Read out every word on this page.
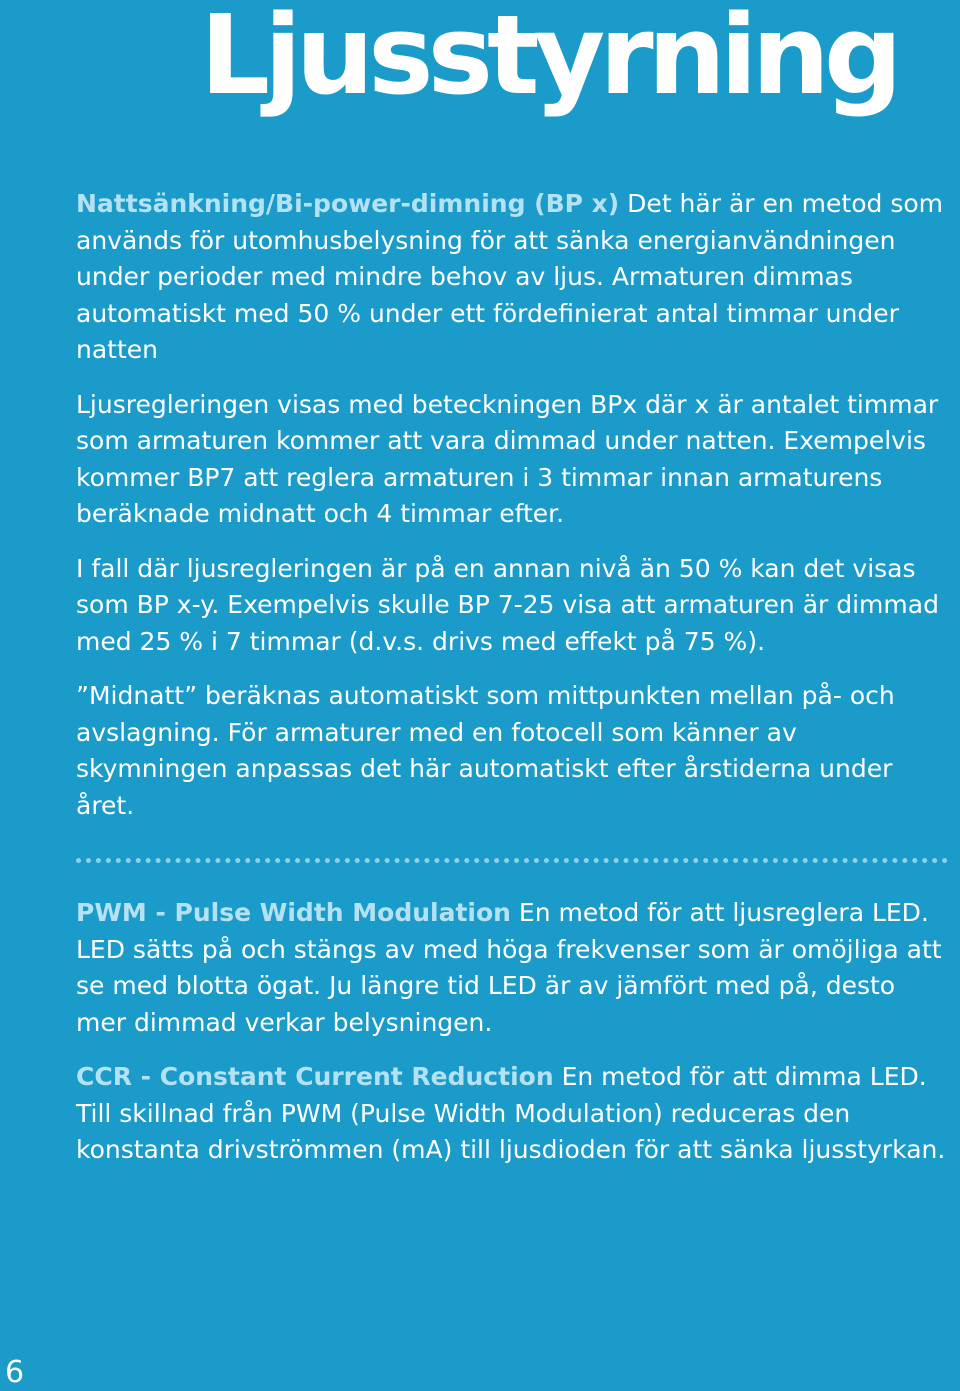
Ljusstyrning

Nattsänkning/Bi-power-dimning (BP x) Det här är en metod som används för utomhusbelysning för att sänka energianvändningen under perioder med mindre behov av ljus. Armaturen dimmas automatiskt med 50 % under ett fördefinierat antal timmar under natten

Ljusregleringen visas med beteckningen BPx där x är antalet timmar som armaturen kommer att vara dimmad under natten. Exempelvis kommer BP7 att reglera armaturen i 3 timmar innan armaturens beräknade midnatt och 4 timmar efter.

I fall där ljusregleringen är på en annan nivå än 50 % kan det visas som BP x-y. Exempelvis skulle BP 7-25 visa att armaturen är dimmad med 25 % i 7 timmar (d.v.s. drivs med effekt på 75 %).

”Midnatt” beräknas automatiskt som mittpunkten mellan på- och avslagning. För armaturer med en fotocell som känner av skymningen anpassas det här automatiskt efter årstiderna under året.

PWM - Pulse Width Modulation En metod för att ljusreglera LED. LED sätts på och stängs av med höga frekvenser som är omöjliga att se med blotta ögat. Ju längre tid LED är av jämfört med på, desto mer dimmad verkar belysningen.

CCR - Constant Current Reduction En metod för att dimma LED. Till skillnad från PWM (Pulse Width Modulation) reduceras den konstanta drivströmmen (mA) till ljusdioden för att sänka ljusstyrkan.

6
